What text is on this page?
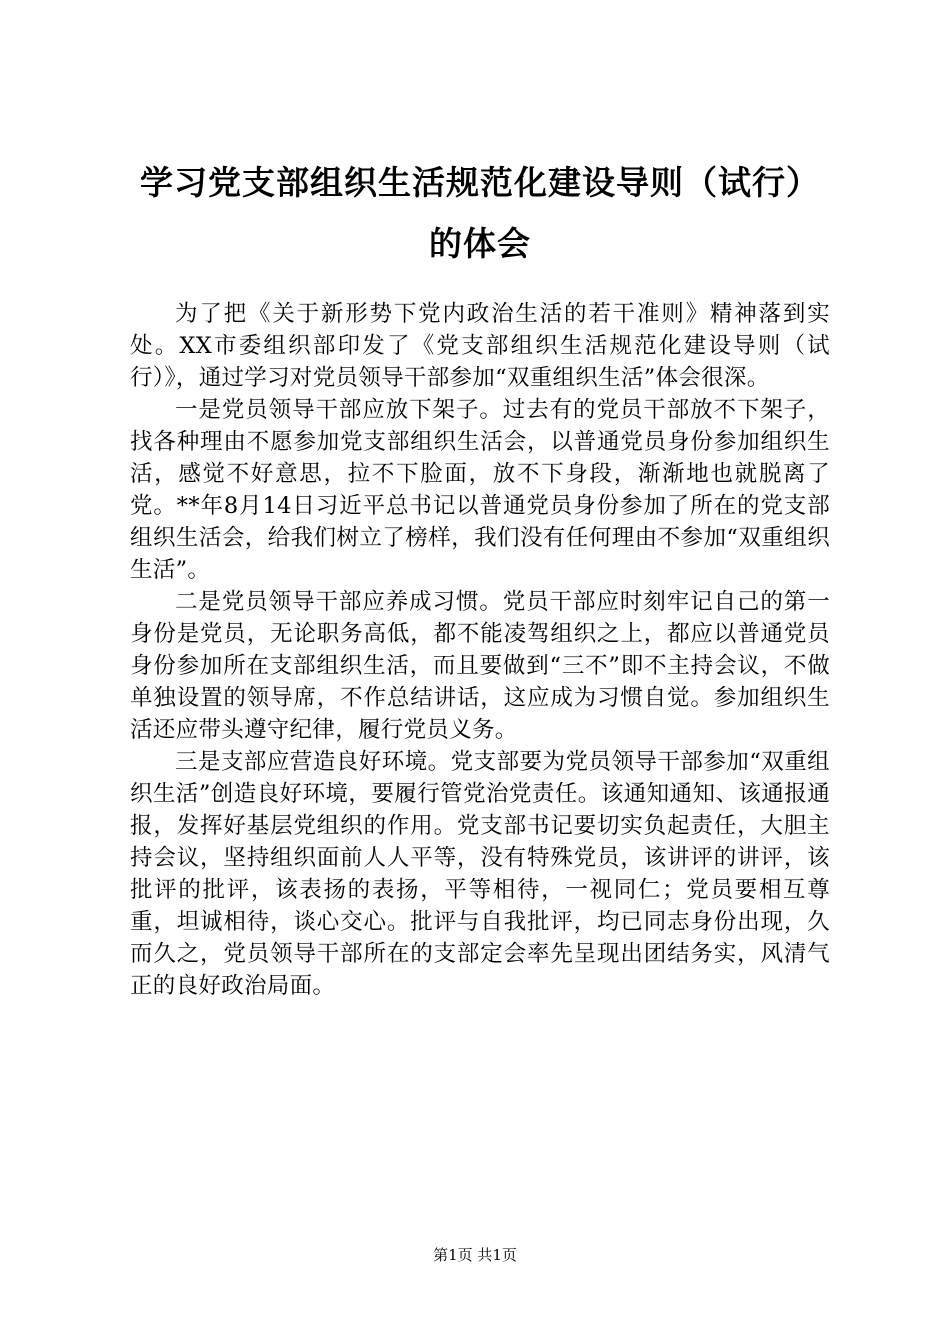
学习党支部组织生活规范化建设导则（试行）
的体会

为了把《关于新形势下党内政治生活的若干准则》精神落到实处。XX市委组织部印发了《党支部组织生活规范化建设导则（试行）》，通过学习对党员领导干部参加“双重组织生活”体会很深。

一是党员领导干部应放下架子。过去有的党员干部放不下架子，找各种理由不愿参加党支部组织生活会，以普通党员身份参加组织生活，感觉不好意思，拉不下脸面，放不下身段，渐渐地也就脱离了党。**年8月14日习近平总书记以普通党员身份参加了所在的党支部组织生活会，给我们树立了榜样，我们没有任何理由不参加“双重组织生活”。

二是党员领导干部应养成习惯。党员干部应时刻牢记自己的第一身份是党员，无论职务高低，都不能凌驾组织之上，都应以普通党员身份参加所在支部组织生活，而且要做到“三不”即不主持会议，不做单独设置的领导席，不作总结讲话，这应成为习惯自觉。参加组织生活还应带头遵守纪律，履行党员义务。

三是支部应营造良好环境。党支部要为党员领导干部参加“双重组织生活”创造良好环境，要履行管党治党责任。该通知通知、该通报通报，发挥好基层党组织的作用。党支部书记要切实负起责任，大胆主持会议，坚持组织面前人人平等，没有特殊党员，该讲评的讲评，该批评的批评，该表扬的表扬，平等相待，一视同仁；党员要相互尊重，坦诚相待，谈心交心。批评与自我批评，均已同志身份出现，久而久之，党员领导干部所在的支部定会率先呈现出团结务实，风清气正的良好政治局面。

第1页 共1页
